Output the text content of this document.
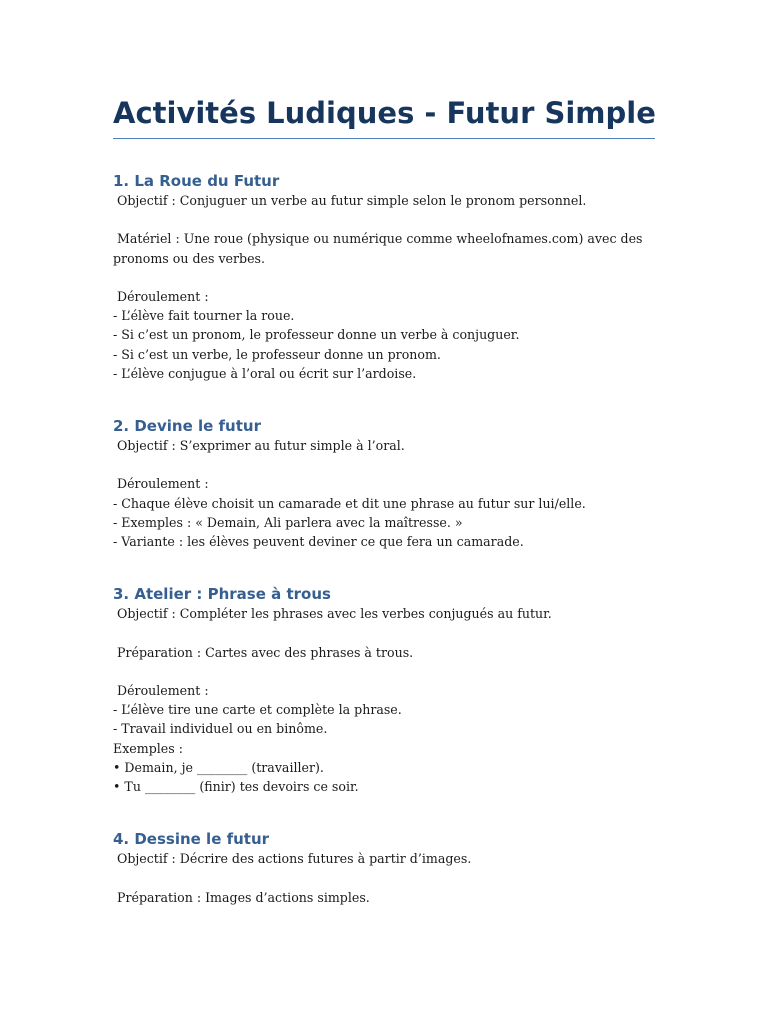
Activités Ludiques - Futur Simple
1. La Roue du Futur

Objectif : Conjuguer un verbe au futur simple selon le pronom personnel.

Matériel : Une roue (physique ou numérique comme wheelofnames.com) avec des

pronoms ou des verbes.

Déroulement :

- L’élève fait tourner la roue.

- Si c’est un pronom, le professeur donne un verbe à conjuguer.

- Si c’est un verbe, le professeur donne un pronom.

- L’élève conjugue à l’oral ou écrit sur l’ardoise.

2. Devine le futur

Objectif : S’exprimer au futur simple à l’oral.

Déroulement :

- Chaque élève choisit un camarade et dit une phrase au futur sur lui/elle.

- Exemples : « Demain, Ali parlera avec la maîtresse. »

- Variante : les élèves peuvent deviner ce que fera un camarade.

3. Atelier : Phrase à trous

Objectif : Compléter les phrases avec les verbes conjugués au futur.

Préparation : Cartes avec des phrases à trous.

Déroulement :

- L’élève tire une carte et complète la phrase.

- Travail individuel ou en binôme.

Exemples :

• Demain, je ________ (travailler).

• Tu ________ (finir) tes devoirs ce soir.

4. Dessine le futur

Objectif : Décrire des actions futures à partir d’images.

Préparation : Images d’actions simples.
